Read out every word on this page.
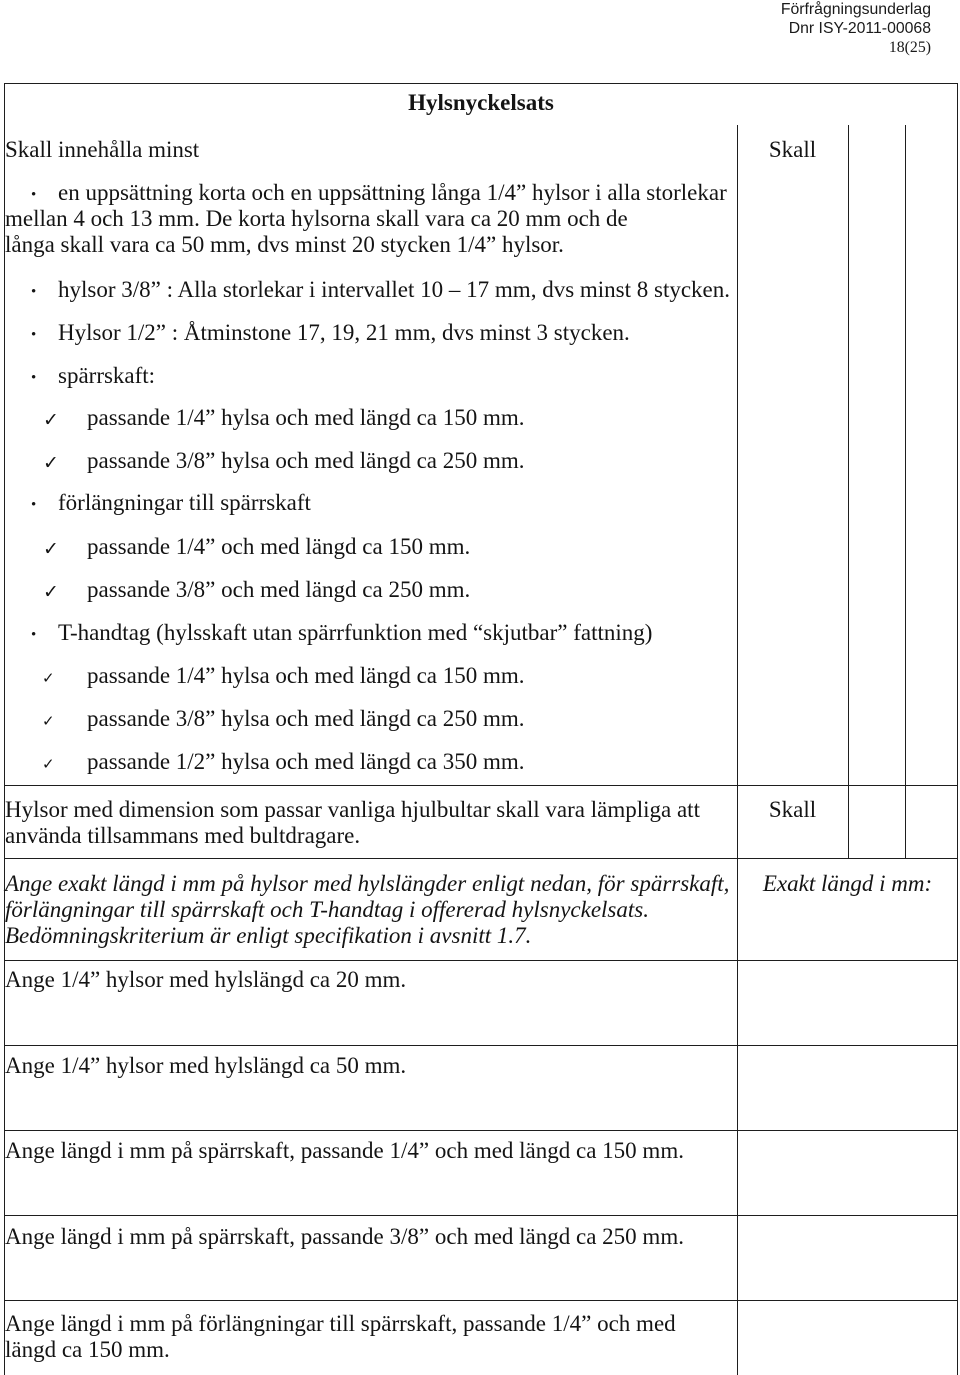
Förfrågningsunderlag
Dnr ISY-2011-00068
18(25)
Hylsnyckelsats
Skall innehålla minst	Skall
•
en uppsättning korta och en uppsättning långa 1/4” hylsor i alla storlekar
mellan 4 och 13 mm. De korta hylsorna skall vara ca 20 mm och de
långa skall vara ca 50 mm, dvs minst 20 stycken 1/4” hylsor.
•
hylsor 3/8” : Alla storlekar i intervallet 10 – 17 mm, dvs minst 8 stycken.
•
Hylsor 1/2” : Åtminstone 17, 19, 21 mm, dvs minst 3 stycken.
•
spärrskaft:
✓
passande 1/4” hylsa och med längd ca 150 mm.
✓
passande 3/8” hylsa och med längd ca 250 mm.
•
förlängningar till spärrskaft
✓
passande 1/4” och med längd ca 150 mm.
✓
passande 3/8” och med längd ca 250 mm.
•
T-handtag (hylsskaft utan spärrfunktion med “skjutbar” fattning)
✓
passande 1/4” hylsa och med längd ca 150 mm.
✓
passande 3/8” hylsa och med längd ca 250 mm.
✓
passande 1/2” hylsa och med längd ca 350 mm.
Hylsor med dimension som passar vanliga hjulbultar skall vara lämpliga att
använda tillsammans med bultdragare.
Skall
Ange exakt längd i mm på hylsor med hylslängder enligt nedan, för spärrskaft,
förlängningar till spärrskaft och T-handtag i offererad hylsnyckelsats.
Bedömningskriterium är enligt specifikation i avsnitt 1.7.
Exakt längd i mm:
Ange 1/4” hylsor med hylslängd ca 20 mm.
Ange 1/4” hylsor med hylslängd ca 50 mm.
Ange längd i mm på spärrskaft, passande 1/4” och med längd ca 150 mm.
Ange längd i mm på spärrskaft, passande 3/8” och med längd ca 250 mm.
Ange längd i mm på förlängningar till spärrskaft, passande 1/4” och med
längd ca 150 mm.
